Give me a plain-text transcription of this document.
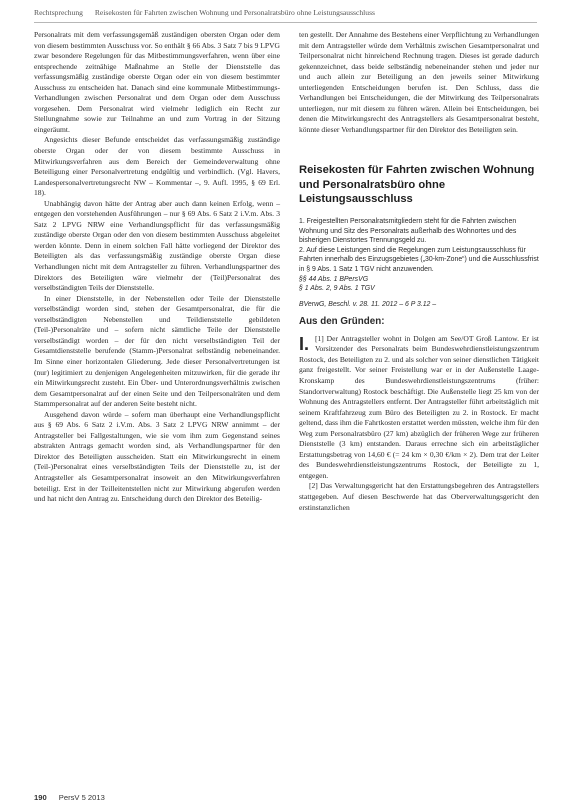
Rechtsprechung Reisekosten für Fahrten zwischen Wohnung und Personalratsbüro ohne Leistungsausschluss

Personalrats mit dem verfassungsgemäß zuständigen obersten Organ oder dem von diesem bestimmten Ausschuss vor. So enthält § 66 Abs. 3 Satz 7 bis 9 LPVG zwar besondere Regelungen für das Mitbestimmungsverfahren, wenn über eine entsprechende zeitnähige Maßnahme an Stelle der Dienststelle das verfassungsmäßig zuständige oberste Organ oder ein von diesem bestimmter Ausschuss zu entscheiden hat. Danach sind eine kommunale Mitbestimmungs-Verhandlungen zwischen Personalrat und dem Organ oder dem Ausschuss vorgesehen. Dem Personalrat wird vielmehr lediglich ein Recht zur Stellungnahme sowie zur Teilnahme an und zum Vortrag in der Sitzung eingeräumt.

Angesichts dieser Befunde entscheidet das verfassungsmäßig zuständige oberste Organ oder der von diesem bestimmte Ausschuss in Mitwirkungsverfahren aus dem Bereich der Gemeindeverwaltung ohne Beteiligung einer Personalvertretung endgültig und verbindlich. (Vgl. Havers, Landespersonalvertretungsrecht NW – Kommentar –, 9. Aufl. 1995, § 69 Erl. 18).

Unabhängig davon hätte der Antrag aber auch dann keinen Erfolg, wenn – entgegen den vorstehenden Ausführungen – nur § 69 Abs. 6 Satz 2 i.V.m. Abs. 3 Satz 2 LPVG NRW eine Verhandlungspflicht für das verfassungsmäßig zuständige oberste Organ oder den von diesem bestimmten Ausschuss abgeleitet werden könnte. Denn in einem solchen Fall hätte vorliegend der Direktor des Beteiligten als das verfassungsmäßig zuständige oberste Organ diese Verhandlungen nicht mit dem Antragsteller zu führen. Verhandlungspartner des Direktors des Beteiligten wäre vielmehr der (Teil)Personalrat des verselbständigten Teils der Dienststelle.

In einer Dienststelle, in der Nebenstellen oder Teile der Dienststelle verselbständigt worden sind, stehen der Gesamtpersonalrat, die für die verselbständigten Nebenstellen und Teildienststelle gebildeten (Teil-)Personalräte und – sofern nicht sämtliche Teile der Dienststelle verselbständigt worden – der für den nicht verselbständigten Teil der Gesamtdienststelle berufende (Stamm-)Personalrat selbständig nebeneinander. Im Sinne einer horizontalen Gliederung. Jede dieser Personalvertretungen ist (nur) legitimiert zu denjenigen Angelegenheiten mitzuwirken, für die gerade ihr ein Mitwirkungsrecht zusteht. Ein Über- und Unterordnungsverhältnis zwischen dem Gesamtpersonalrat auf der einen Seite und den Teilpersonalräten und dem Stammpersonalrat auf der anderen Seite besteht nicht.

Ausgehend davon würde – sofern man überhaupt eine Verhandlungspflicht aus § 69 Abs. 6 Satz 2 i.V.m. Abs. 3 Satz 2 LPVG NRW annimmt – der Antragsteller bei Fallgestaltungen, wie sie vom ihm zum Gegenstand seines abstrakten Antrags gemacht worden sind, als Verhandlungspartner für den Direktor des Beteiligten ausscheiden. Statt ein Mitwirkungsrecht in einem (Teil-)Personalrat eines verselbständigten Teils der Dienststelle zu, ist der Antragsteller als Gesamtpersonalrat insoweit an den Mitwirkungsverfahren beteiligt. Erst in der Teilleitentstellen nicht zur Mitwirkung abgerufen werden und hat nicht den Antrag zu. Entscheidung durch den Direktor des Beteilig-

ten gestellt. Der Annahme des Bestehens einer Verpflichtung zu Verhandlungen mit dem Antragsteller würde dem Verhältnis zwischen Gesamtpersonalrat und Teilpersonalrat nicht hinreichend Rechnung tragen. Dieses ist gerade dadurch gekennzeichnet, dass beide selbständig nebeneinander stehen und jeder nur und auch allein zur Beteiligung an den jeweils seiner Mitwirkung unterliegenden Entscheidungen berufen ist. Den Schluss, dass die Verhandlungen bei Entscheidungen, die der Mitwirkung des Teilpersonalrats unterliegen, nur mit diesem zu führen wären. Allein bei Entscheidungen, bei denen die Mitwirkungsrecht des Antragstellers als Gesamtpersonalrat besteht, könnte dieser Verhandlungspartner für den Direktor des Beteiligten sein.

Reisekosten für Fahrten zwischen Wohnung und Personalratsbüro ohne Leistungsausschluss

1. Freigestellten Personalratsmitgliedern steht für die Fahrten zwischen Wohnung und Sitz des Personalrats außerhalb des Wohnortes und des bisherigen Dienstortes Trennungsgeld zu.

2. Auf diese Leistungen sind die Regelungen zum Leistungsausschluss für Fahrten innerhalb des Einzugsgebietes („30-km-Zone“) und die Ausschlussfrist in § 9 Abs. 1 Satz 1 TGV nicht anzuwenden.

§§ 44 Abs. 1 BPersVG
§ 1 Abs. 2, 9 Abs. 1 TGV
BVerwG, Beschl. v. 28. 11. 2012 – 6 P 3.12 –
Aus den Gründen:

I. [1] Der Antragsteller wohnt in Dolgen am See/OT Groß Lantow. Er ist Vorsitzender des Personalrats beim Bundeswehrdienstleistungszentrum Rostock, des Beteiligten zu 2. und als solcher von seiner dienstlichen Tätigkeit ganz freigestellt. Vor seiner Freistellung war er in der Außenstelle Laage-Kronskamp des Bundeswehrdienstleistungszentrums (früher: Standortverwaltung) Rostock beschäftigt. Die Außenstelle liegt 25 km von der Wohnung des Antragstellers entfernt. Der Antragsteller führt arbeitstäglich mit seinem Kraftfahrzeug zum Büro des Beteiligten zu 2. in Rostock. Er macht geltend, dass ihm die Fahrtkosten erstattet werden müssten, welche ihm für den Weg zum Personalratsbüro (27 km) abzüglich der früheren Wege zur früheren Dienststelle (3 km) entstanden. Daraus errechne sich ein arbeitstäglicher Erstattungsbetrag von 14,60 € (= 24 km × 0,30 €/km × 2). Dem trat der Leiter des Bundeswehrdienstleistungszentrums Rostock, der Beteiligte zu 1, entgegen.

[2] Das Verwaltungsgericht hat den Erstattungsbegehren des Antragstellers stattgegeben. Auf diesen Beschwerde hat das Oberverwaltungsgericht den erstinstanzlichen

190 PersV 5 2013
